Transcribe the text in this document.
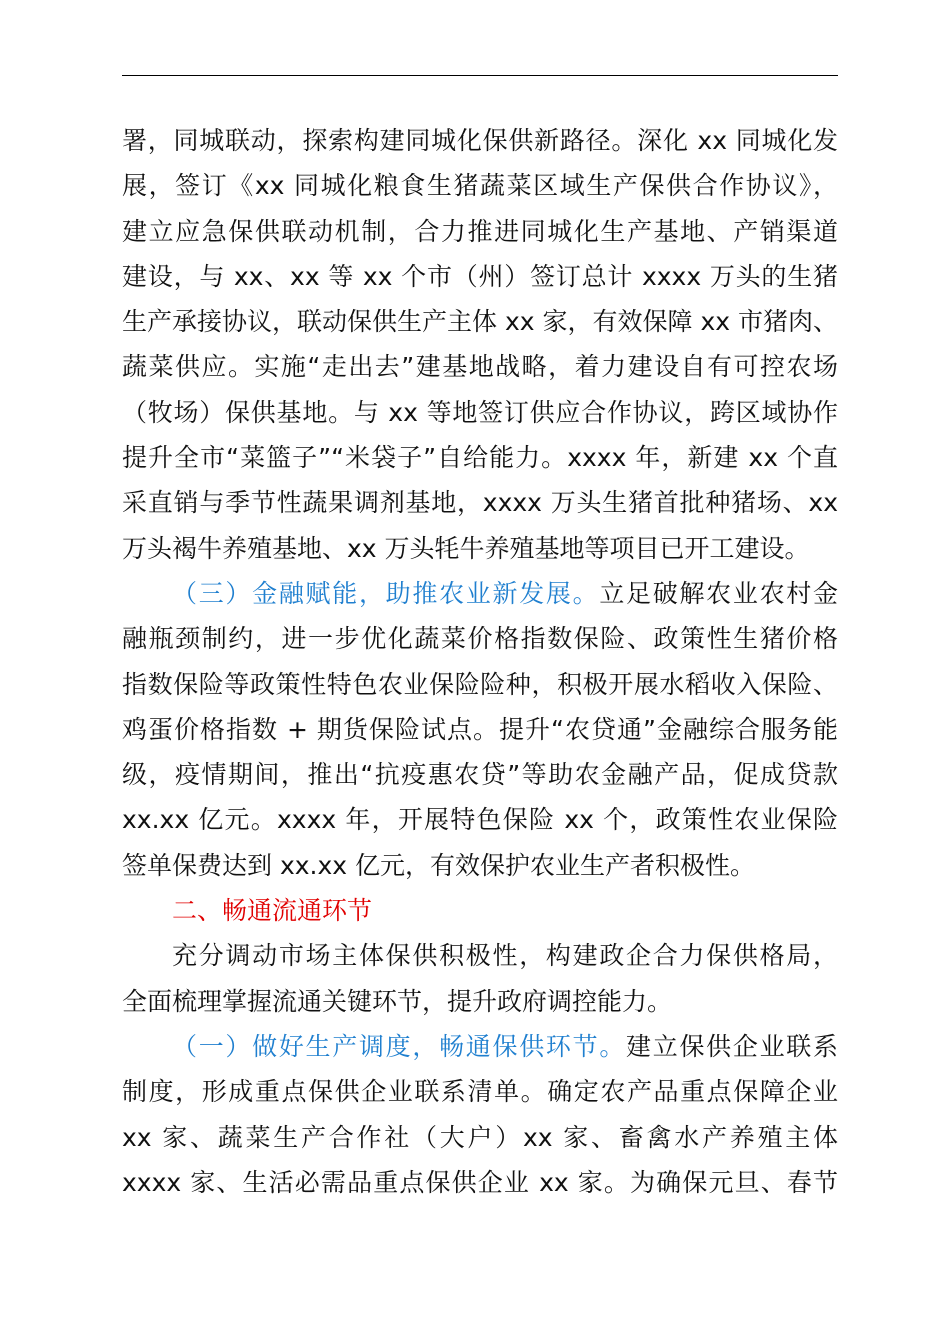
署，同城联动，探索构建同城化保供新路径。深化 xx 同城化发
展，签订《xx 同城化粮食生猪蔬菜区域生产保供合作协议》，
建立应急保供联动机制，合力推进同城化生产基地、产销渠道
建设，与 xx、xx 等 xx 个市（州）签订总计 xxxx 万头的生猪
生产承接协议，联动保供生产主体 xx 家，有效保障 xx 市猪肉、
蔬菜供应。实施“走出去”建基地战略，着力建设自有可控农场
（牧场）保供基地。与 xx 等地签订供应合作协议，跨区域协作
提升全市“菜篮子”“米袋子”自给能力。xxxx 年，新建 xx 个直
采直销与季节性蔬果调剂基地，xxxx 万头生猪首批种猪场、xx
万头褐牛养殖基地、xx 万头牦牛养殖基地等项目已开工建设。
（三）金融赋能，助推农业新发展。立足破解农业农村金
融瓶颈制约，进一步优化蔬菜价格指数保险、政策性生猪价格
指数保险等政策性特色农业保险险种，积极开展水稻收入保险、
鸡蛋价格指数 + 期货保险试点。提升“农贷通”金融综合服务能
级，疫情期间，推出“抗疫惠农贷”等助农金融产品，促成贷款
xx.xx 亿元。xxxx 年，开展特色保险 xx 个，政策性农业保险
签单保费达到 xx.xx 亿元，有效保护农业生产者积极性。
二、畅通流通环节
充分调动市场主体保供积极性，构建政企合力保供格局，
全面梳理掌握流通关键环节，提升政府调控能力。
（一）做好生产调度，畅通保供环节。建立保供企业联系
制度，形成重点保供企业联系清单。确定农产品重点保障企业
xx 家、蔬菜生产合作社（大户）xx 家、畜禽水产养殖主体
xxxx 家、生活必需品重点保供企业 xx 家。为确保元旦、春节
